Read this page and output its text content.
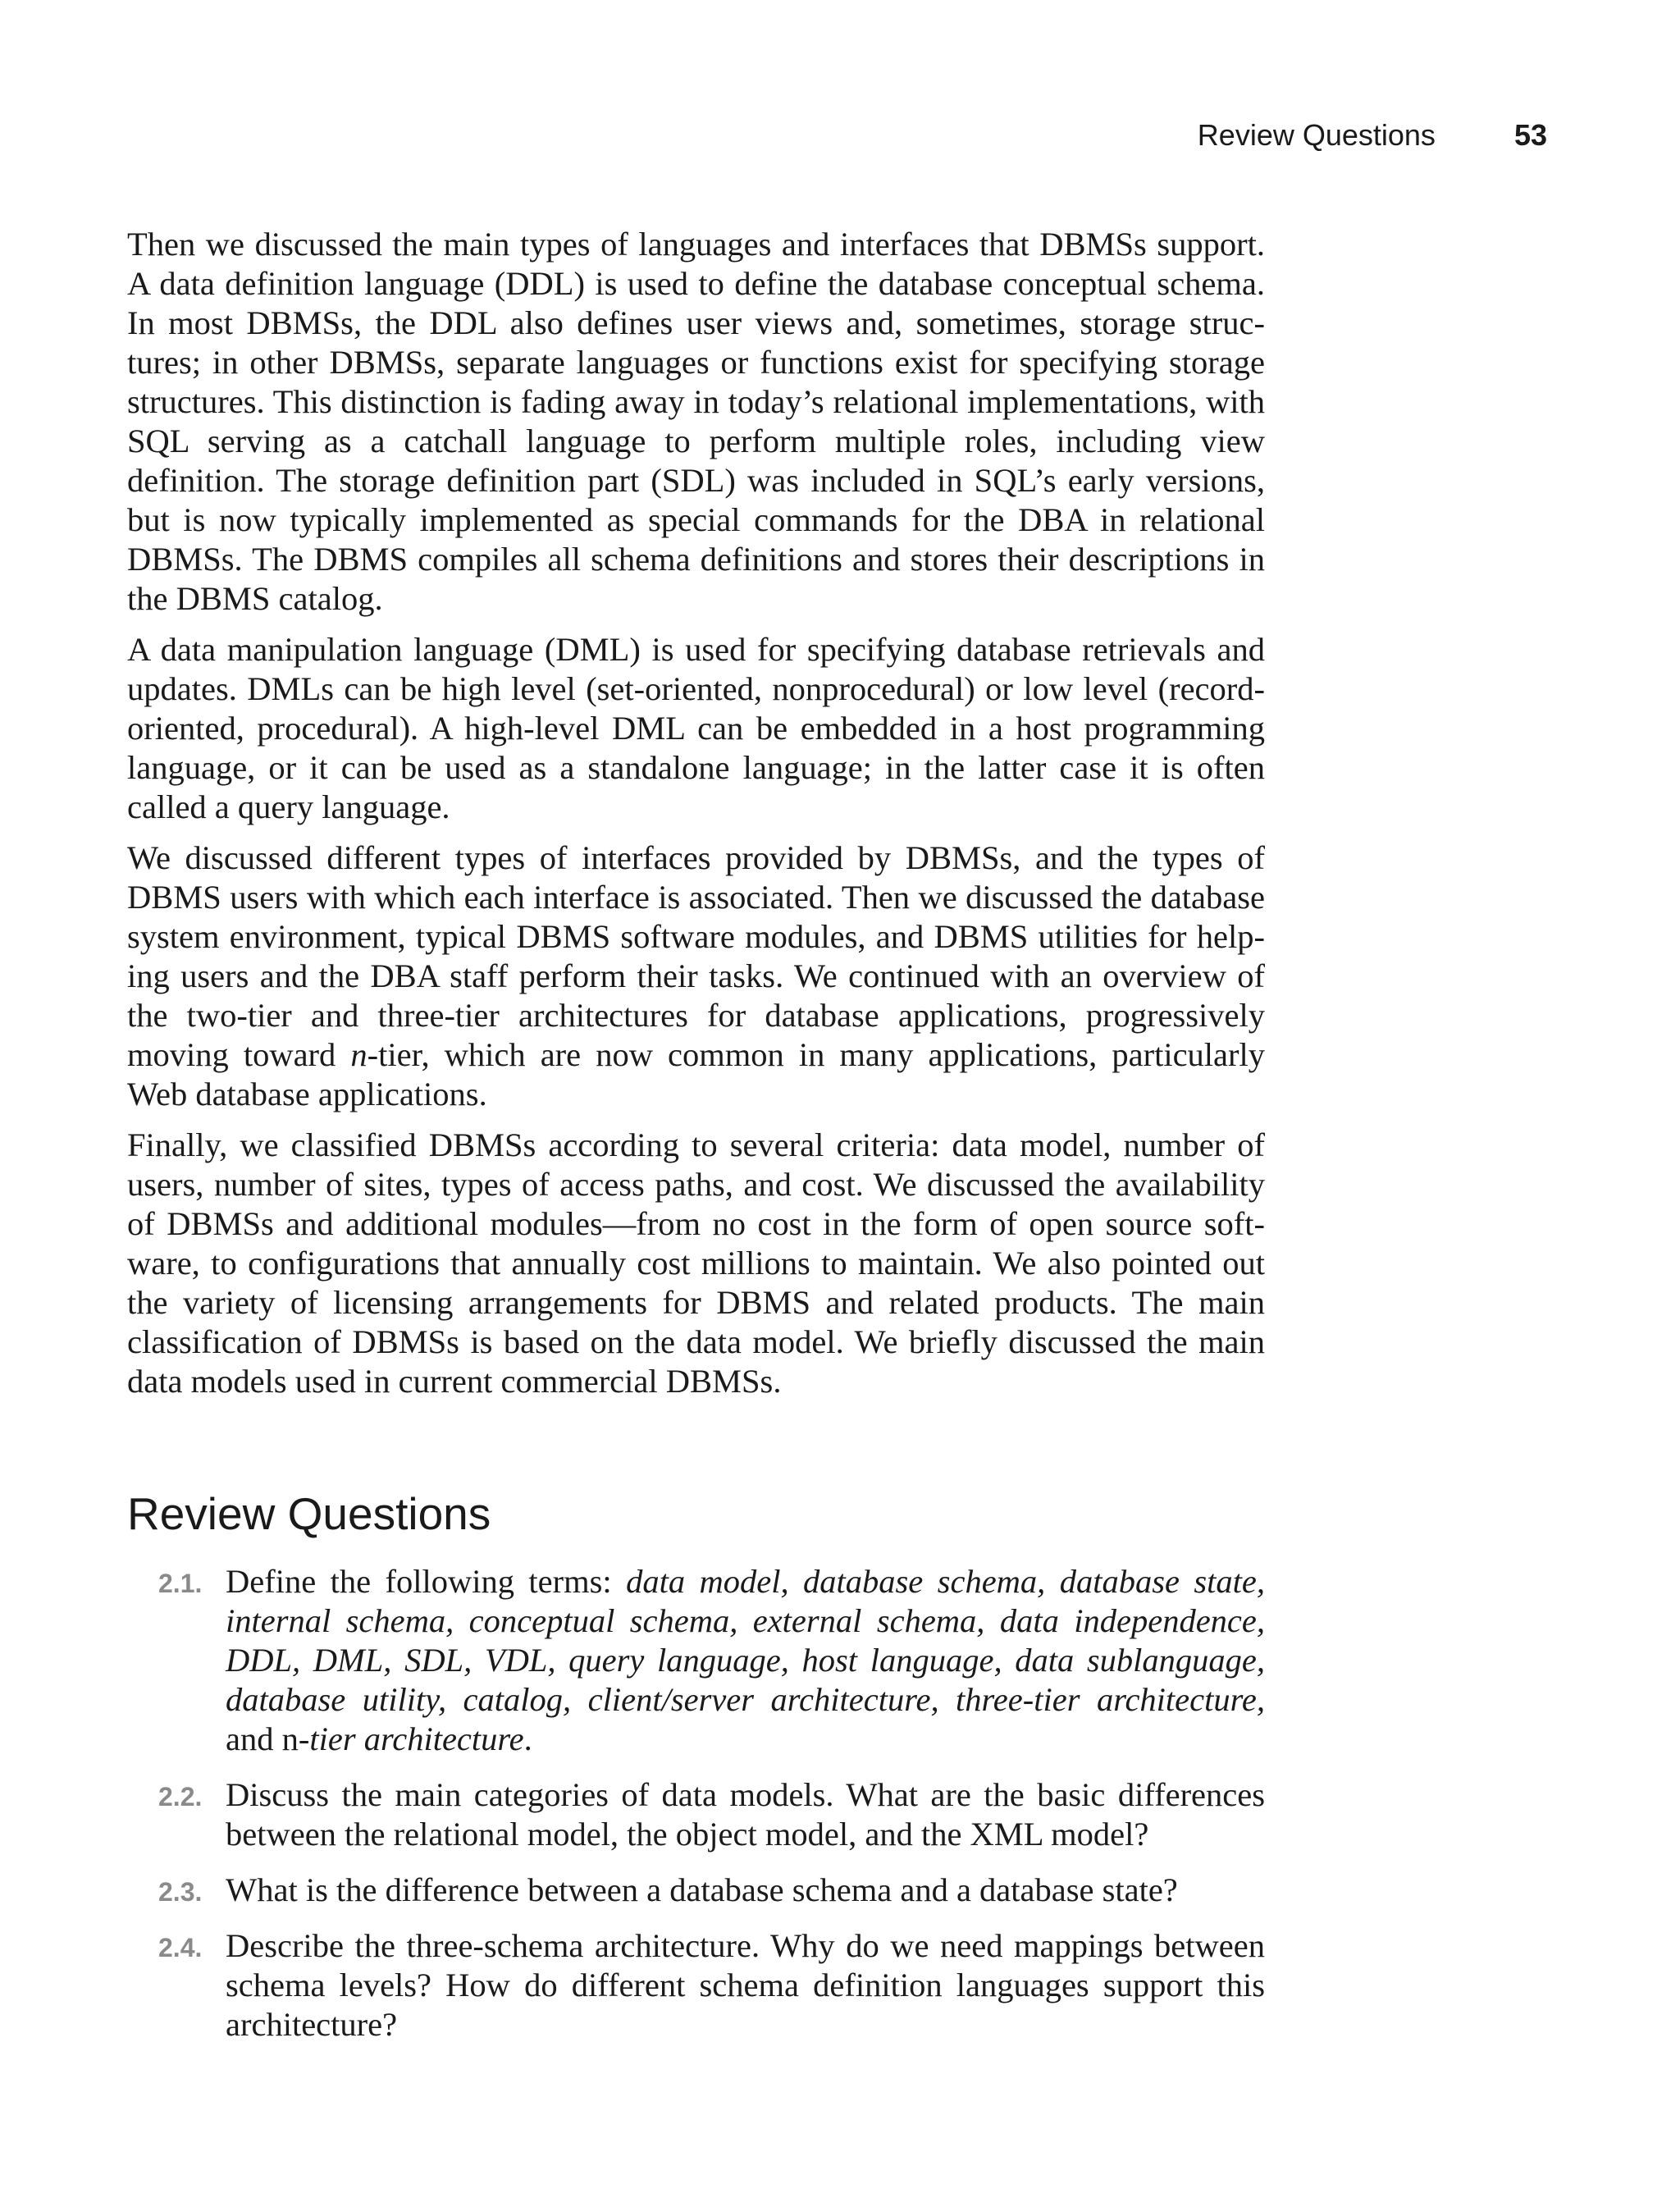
Review Questions	53

Then we discussed the main types of languages and interfaces that DBMSs support. A data definition language (DDL) is used to define the database conceptual schema. In most DBMSs, the DDL also defines user views and, sometimes, storage structures; in other DBMSs, separate languages or functions exist for specifying storage structures. This distinction is fading away in today’s relational implementations, with SQL serving as a catchall language to perform multiple roles, including view definition. The storage definition part (SDL) was included in SQL’s early versions, but is now typically implemented as special commands for the DBA in relational DBMSs. The DBMS compiles all schema definitions and stores their descriptions in the DBMS catalog.

A data manipulation language (DML) is used for specifying database retrievals and updates. DMLs can be high level (set-oriented, nonprocedural) or low level (record-oriented, procedural). A high-level DML can be embedded in a host programming language, or it can be used as a standalone language; in the latter case it is often called a query language.

We discussed different types of interfaces provided by DBMSs, and the types of DBMS users with which each interface is associated. Then we discussed the database system environment, typical DBMS software modules, and DBMS utilities for helping users and the DBA staff perform their tasks. We continued with an overview of the two-tier and three-tier architectures for database applications, progressively moving toward n-tier, which are now common in many applications, particularly Web database applications.

Finally, we classified DBMSs according to several criteria: data model, number of users, number of sites, types of access paths, and cost. We discussed the availability of DBMSs and additional modules—from no cost in the form of open source software, to configurations that annually cost millions to maintain. We also pointed out the variety of licensing arrangements for DBMS and related products. The main classification of DBMSs is based on the data model. We briefly discussed the main data models used in current commercial DBMSs.

Review Questions
2.1. Define the following terms: data model, database schema, database state, internal schema, conceptual schema, external schema, data independence, DDL, DML, SDL, VDL, query language, host language, data sublanguage, database utility, catalog, client/server architecture, three-tier architecture, and n-tier architecture.
2.2. Discuss the main categories of data models. What are the basic differences between the relational model, the object model, and the XML model?
2.3. What is the difference between a database schema and a database state?
2.4. Describe the three-schema architecture. Why do we need mappings between schema levels? How do different schema definition languages support this architecture?
